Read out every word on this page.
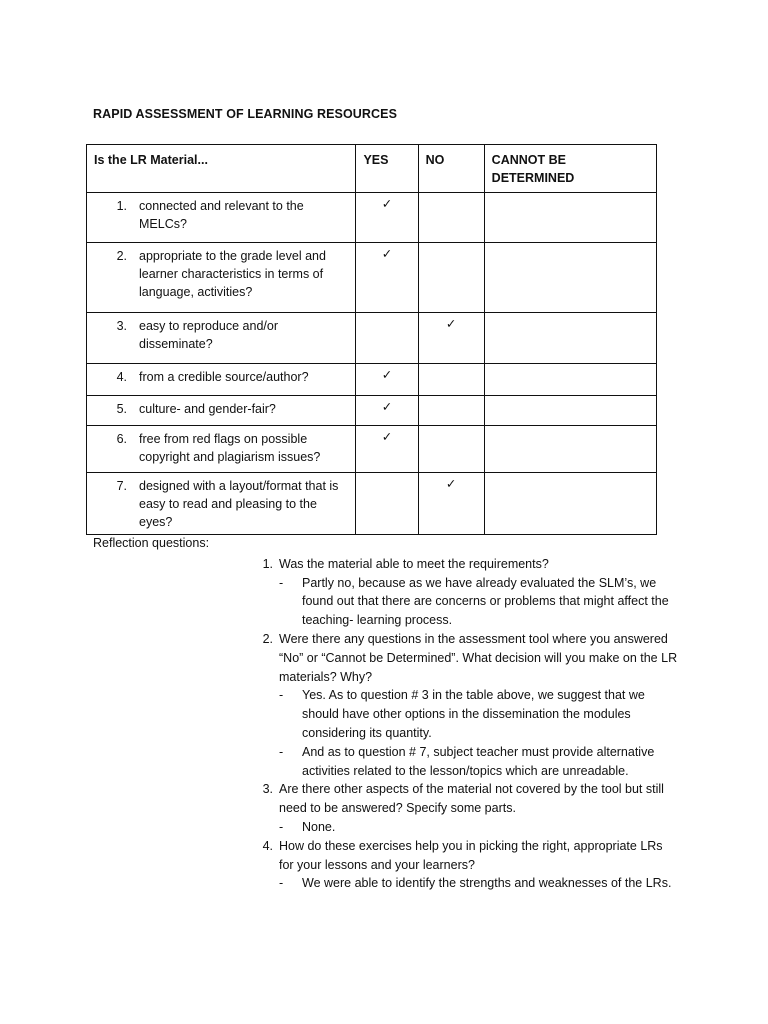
RAPID ASSESSMENT OF LEARNING RESOURCES
Is the LR Material...	YES	NO	CANNOT BE DETERMINED

1. connected and relevant to the MELCs?	✓		

2. appropriate to the grade level and learner characteristics in terms of language, activities?	✓		

3. easy to reproduce and/or disseminate?		✓	

4. from a credible source/author?	✓		

5. culture- and gender-fair?	✓		

6. free from red flags on possible copyright and plagiarism issues?	✓		

7. designed with a layout/format that is easy to read and pleasing to the eyes?		✓	
Reflection questions:
1. Was the material able to meet the requirements?
- Partly no, because as we have already evaluated the SLM’s, we found out that there are concerns or problems that might affect the teaching- learning process.
2. Were there any questions in the assessment tool where you answered “No” or “Cannot be Determined”. What decision will you make on the LR materials? Why?
- Yes. As to question # 3 in the table above, we suggest that we should have other options in the dissemination the modules considering its quantity.
- And as to question # 7, subject teacher must provide alternative activities related to the lesson/topics which are unreadable.
3. Are there other aspects of the material not covered by the tool but still need to be answered? Specify some parts.
- None.
4. How do these exercises help you in picking the right, appropriate LRs for your lessons and your learners?
- We were able to identify the strengths and weaknesses of the LRs.
